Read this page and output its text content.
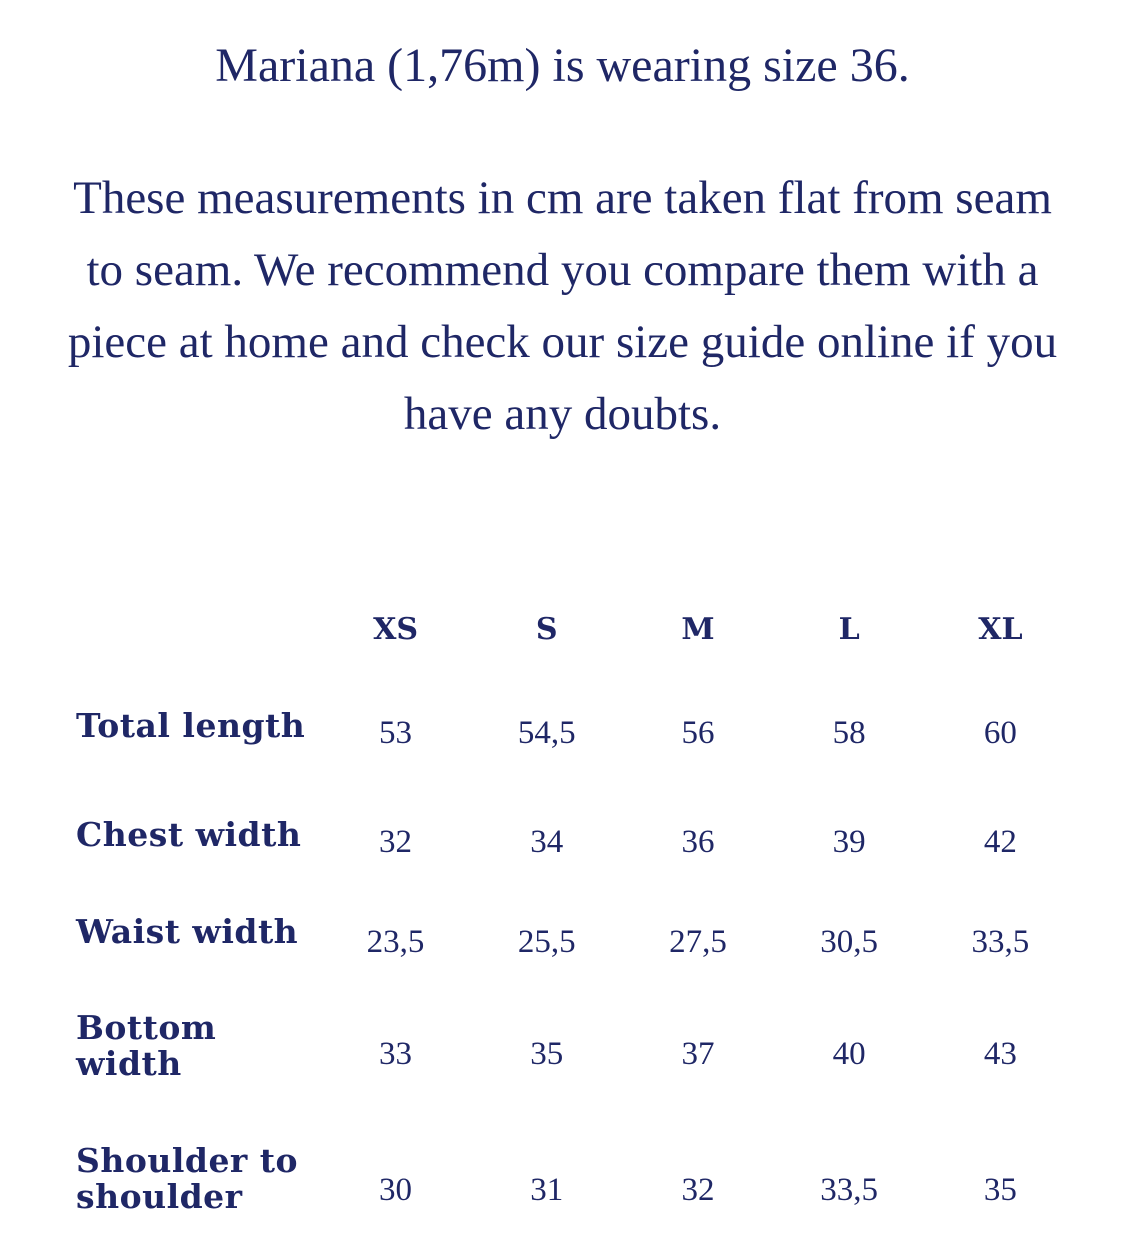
Mariana (1,76m) is wearing size 36.

These measurements in cm are taken flat from seam to seam. We recommend you compare them with a piece at home and check our size guide online if you have any doubts.

	XS	S	M	L	XL
Total length	53	54,5	56	58	60
Chest width	32	34	36	39	42
Waist width	23,5	25,5	27,5	30,5	33,5
Bottom width	33	35	37	40	43
Shoulder to shoulder	30	31	32	33,5	35
